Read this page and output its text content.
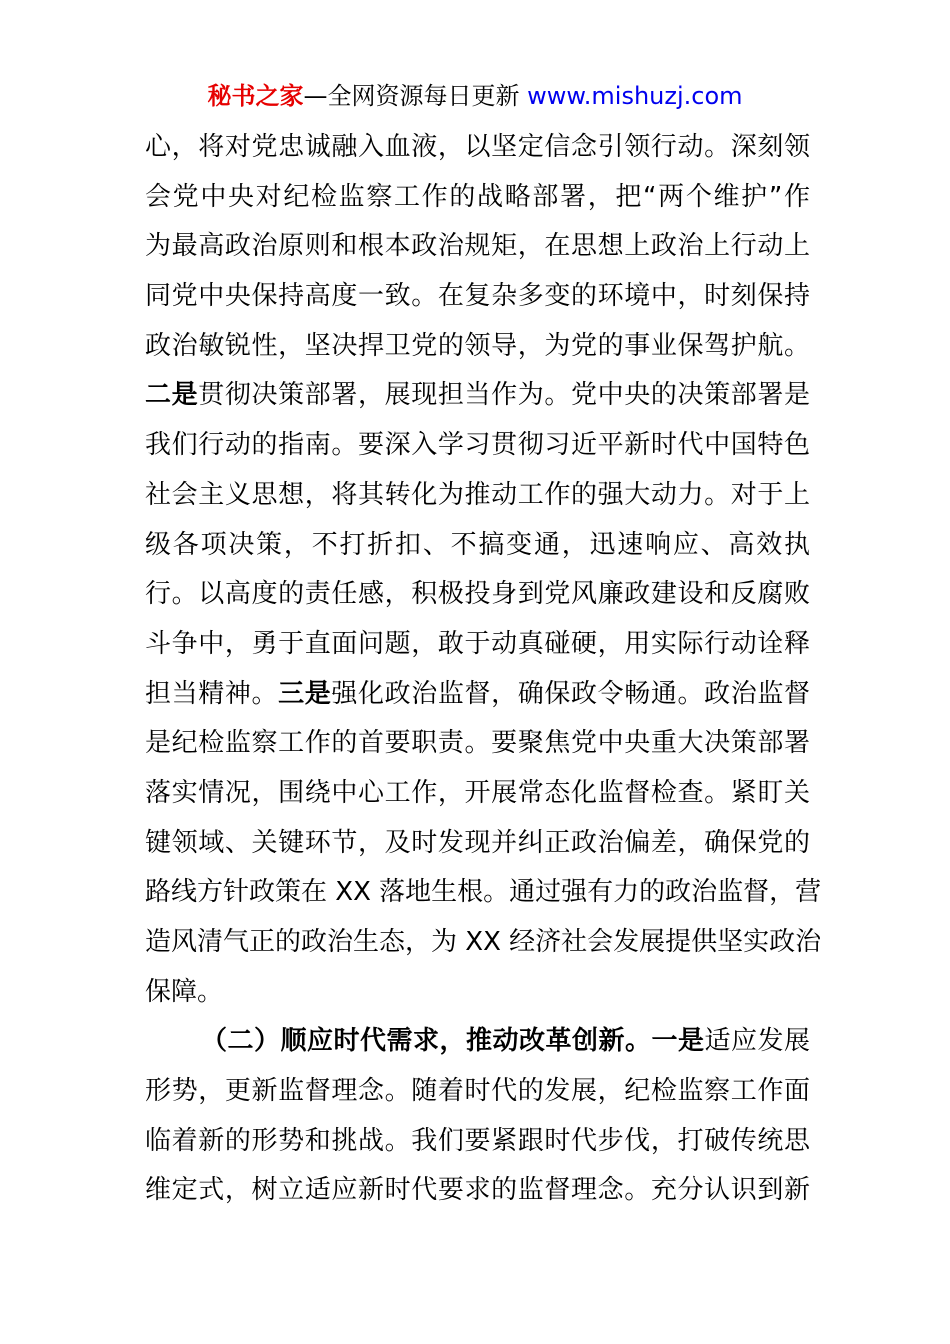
秘书之家—全网资源每日更新 www.mishuzj.com
心，将对党忠诚融入血液，以坚定信念引领行动。深刻领
会党中央对纪检监察工作的战略部署，把“两个维护”作
为最高政治原则和根本政治规矩，在思想上政治上行动上
同党中央保持高度一致。在复杂多变的环境中，时刻保持
政治敏锐性，坚决捍卫党的领导，为党的事业保驾护航。
二是贯彻决策部署，展现担当作为。党中央的决策部署是
我们行动的指南。要深入学习贯彻习近平新时代中国特色
社会主义思想，将其转化为推动工作的强大动力。对于上
级各项决策，不打折扣、不搞变通，迅速响应、高效执
行。以高度的责任感，积极投身到党风廉政建设和反腐败
斗争中，勇于直面问题，敢于动真碰硬，用实际行动诠释
担当精神。三是强化政治监督，确保政令畅通。政治监督
是纪检监察工作的首要职责。要聚焦党中央重大决策部署
落实情况，围绕中心工作，开展常态化监督检查。紧盯关
键领域、关键环节，及时发现并纠正政治偏差，确保党的
路线方针政策在 XX 落地生根。通过强有力的政治监督，营
造风清气正的政治生态，为 XX 经济社会发展提供坚实政治
保障。
（二）顺应时代需求，推动改革创新。一是适应发展
形势，更新监督理念。随着时代的发展，纪检监察工作面
临着新的形势和挑战。我们要紧跟时代步伐，打破传统思
维定式，树立适应新时代要求的监督理念。充分认识到新
